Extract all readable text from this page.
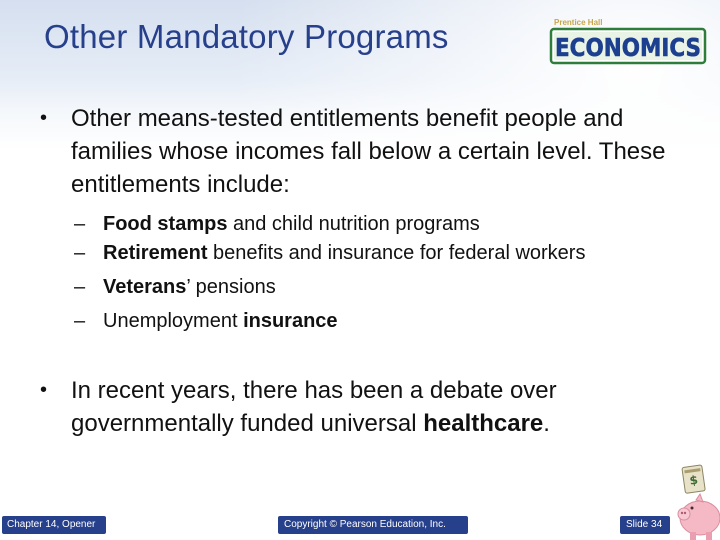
Other Mandatory Programs	Prentice Hall
ECONOMICS
• Other means-tested entitlements benefit people and families whose incomes fall below a certain level. These entitlements include:
– Food stamps and child nutrition programs
– Retirement benefits and insurance for federal workers
– Veterans’ pensions
– Unemployment insurance
• In recent years, there has been a debate over governmentally funded universal healthcare.
$
Chapter 14, Opener	Copyright © Pearson Education, Inc.	Slide 34
